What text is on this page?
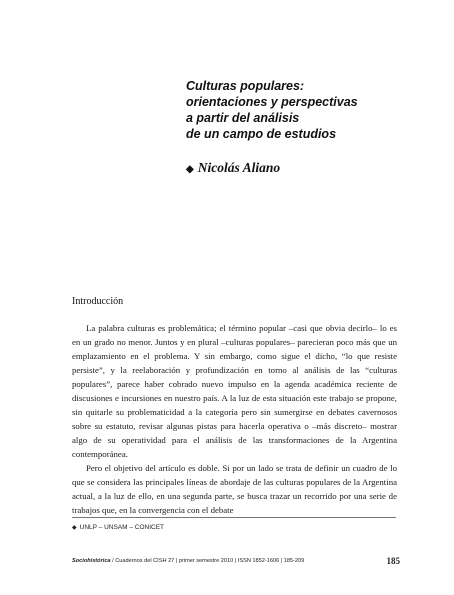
Culturas populares:
orientaciones y perspectivas
a partir del análisis
de un campo de estudios
◆ Nicolás Aliano
Introducción

La palabra culturas es problemática; el término popular –casi que obvia decirlo– lo es en un grado no menor. Juntos y en plural –culturas populares– parecieran poco más que un emplazamiento en el problema. Y sin embargo, como sigue el dicho, “lo que resiste persiste”, y la reelaboración y profundización en torno al análisis de las “culturas populares”, parece haber cobrado nuevo impulso en la agenda académica reciente de discusiones e incursiones en nuestro país. A la luz de esta situación este trabajo se propone, sin quitarle su problematicidad a la categoría pero sin sumergirse en debates cavernosos sobre su estatuto, revisar algunas pistas para hacerla operativa o –más discreto– mostrar algo de su operatividad para el análisis de las transformaciones de la Argentina contemporánea.

Pero el objetivo del artículo es doble. Si por un lado se trata de definir un cuadro de lo que se considera las principales líneas de abordaje de las culturas populares de la Argentina actual, a la luz de ello, en una segunda parte, se busca trazar un recorrido por una serie de trabajos que, en la convergencia con el debate

◆ UNLP – UNSAM – CONICET
Sociohistórica / Cuadernos del CISH 27 | primer semestre 2010 | ISSN 1852-1606 | 185-209	185
